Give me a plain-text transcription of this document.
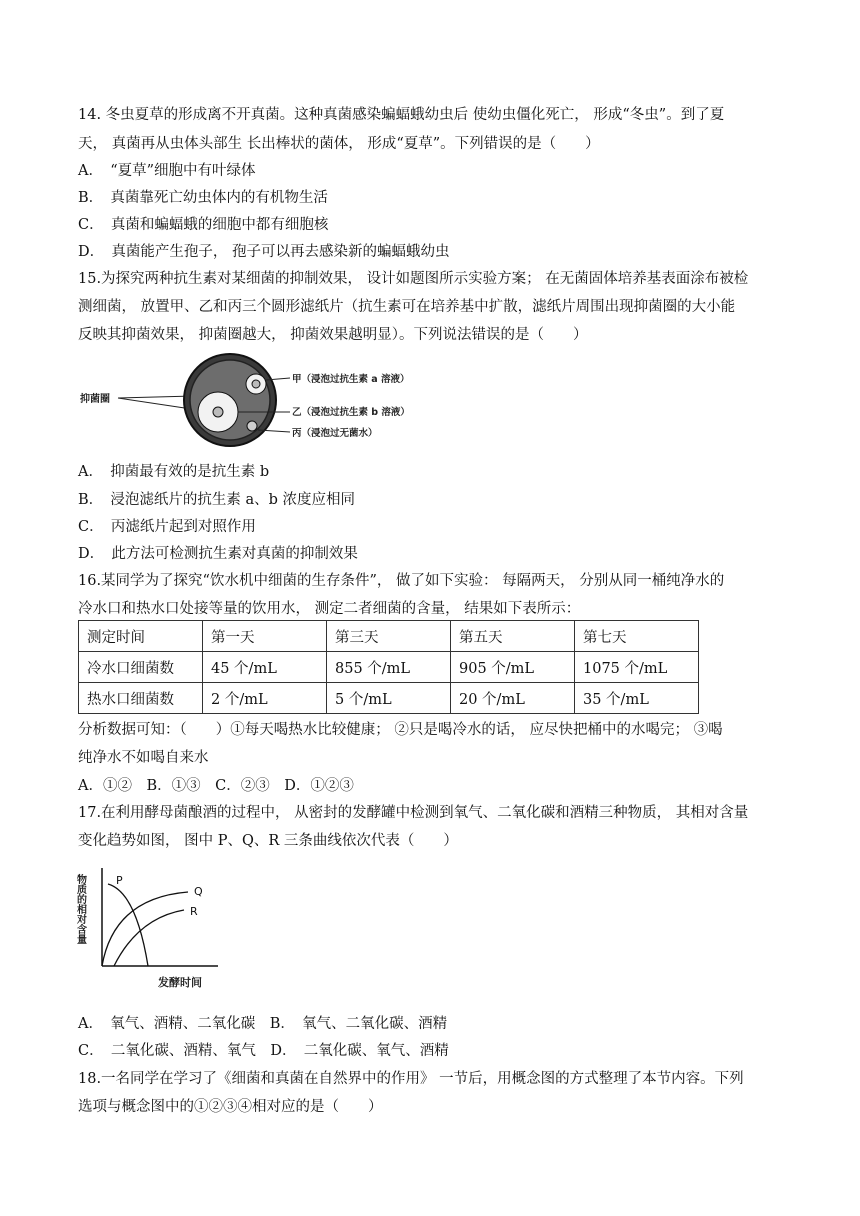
14. 冬虫夏草的形成离不开真菌。这种真菌感染蝙蝠蛾幼虫后 使幼虫僵化死亡， 形成“冬虫”。到了夏
天， 真菌再从虫体头部生 长出棒状的菌体， 形成“夏草”。下列错误的是（　　）
A．　“夏草”细胞中有叶绿体
B．　真菌靠死亡幼虫体内的有机物生活
C．　真菌和蝙蝠蛾的细胞中都有细胞核
D．　真菌能产生孢子， 孢子可以再去感染新的蝙蝠蛾幼虫
15.为探究两种抗生素对某细菌的抑制效果， 设计如题图所示实验方案； 在无菌固体培养基表面涂布被检
测细菌， 放置甲、乙和丙三个圆形滤纸片（抗生素可在培养基中扩散，滤纸片周围出现抑菌圈的大小能
反映其抑菌效果， 抑菌圈越大， 抑菌效果越明显）。下列说法错误的是（　　）
抑菌圈
甲（浸泡过抗生素 a 溶液）
乙（浸泡过抗生素 b 溶液）
丙（浸泡过无菌水）
A．　抑菌最有效的是抗生素 b
B．　浸泡滤纸片的抗生素 a、b 浓度应相同
C．　丙滤纸片起到对照作用
D．　此方法可检测抗生素对真菌的抑制效果
16.某同学为了探究“饮水机中细菌的生存条件”， 做了如下实验： 每隔两天， 分别从同一桶纯净水的
冷水口和热水口处接等量的饮用水， 测定二者细菌的含量， 结果如下表所示：
测定时间	第一天	第三天	第五天	第七天
冷水口细菌数	45 个/mL	855 个/mL	905 个/mL	1075 个/mL
热水口细菌数	2 个/mL	5 个/mL	20 个/mL	35 个/mL
分析数据可知：（　　）①每天喝热水比较健康； ②只是喝冷水的话， 应尽快把桶中的水喝完； ③喝
纯净水不如喝自来水
A．①②　B．①③　C．②③　D．①②③
17.在利用酵母菌酿酒的过程中， 从密封的发酵罐中检测到氧气、二氧化碳和酒精三种物质， 其相对含量
变化趋势如图， 图中 P、Q、R 三条曲线依次代表（　　）
物质的相对含量	P
Q
R
发酵时间
A．　氧气、酒精、二氧化碳　B．　氧气、二氧化碳、酒精
C．　二氧化碳、酒精、氧气　D．　二氧化碳、氧气、酒精
18.一名同学在学习了《细菌和真菌在自然界中的作用》 一节后，用概念图的方式整理了本节内容。下列
选项与概念图中的①②③④相对应的是（　　）
